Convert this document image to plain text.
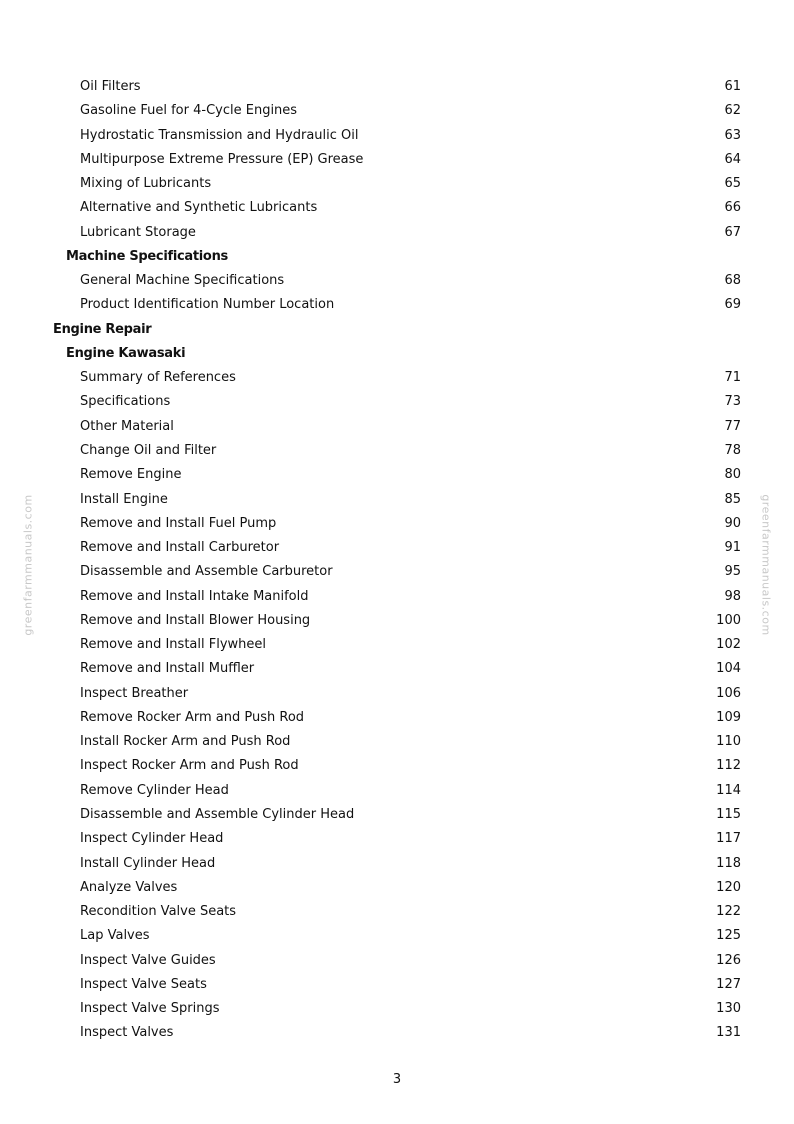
greenfarmmanuals.com	greenfarmmanuals.com
Oil Filters	61
Gasoline Fuel for 4-Cycle Engines	62
Hydrostatic Transmission and Hydraulic Oil	63
Multipurpose Extreme Pressure (EP) Grease	64
Mixing of Lubricants	65
Alternative and Synthetic Lubricants	66
Lubricant Storage	67
Machine Specifications
General Machine Specifications	68
Product Identification Number Location	69
Engine Repair
Engine Kawasaki
Summary of References	71
Specifications	73
Other Material	77
Change Oil and Filter	78
Remove Engine	80
Install Engine	85
Remove and Install Fuel Pump	90
Remove and Install Carburetor	91
Disassemble and Assemble Carburetor	95
Remove and Install Intake Manifold	98
Remove and Install Blower Housing	100
Remove and Install Flywheel	102
Remove and Install Muffler	104
Inspect Breather	106
Remove Rocker Arm and Push Rod	109
Install Rocker Arm and Push Rod	110
Inspect Rocker Arm and Push Rod	112
Remove Cylinder Head	114
Disassemble and Assemble Cylinder Head	115
Inspect Cylinder Head	117
Install Cylinder Head	118
Analyze Valves	120
Recondition Valve Seats	122
Lap Valves	125
Inspect Valve Guides	126
Inspect Valve Seats	127
Inspect Valve Springs	130
Inspect Valves	131
3
